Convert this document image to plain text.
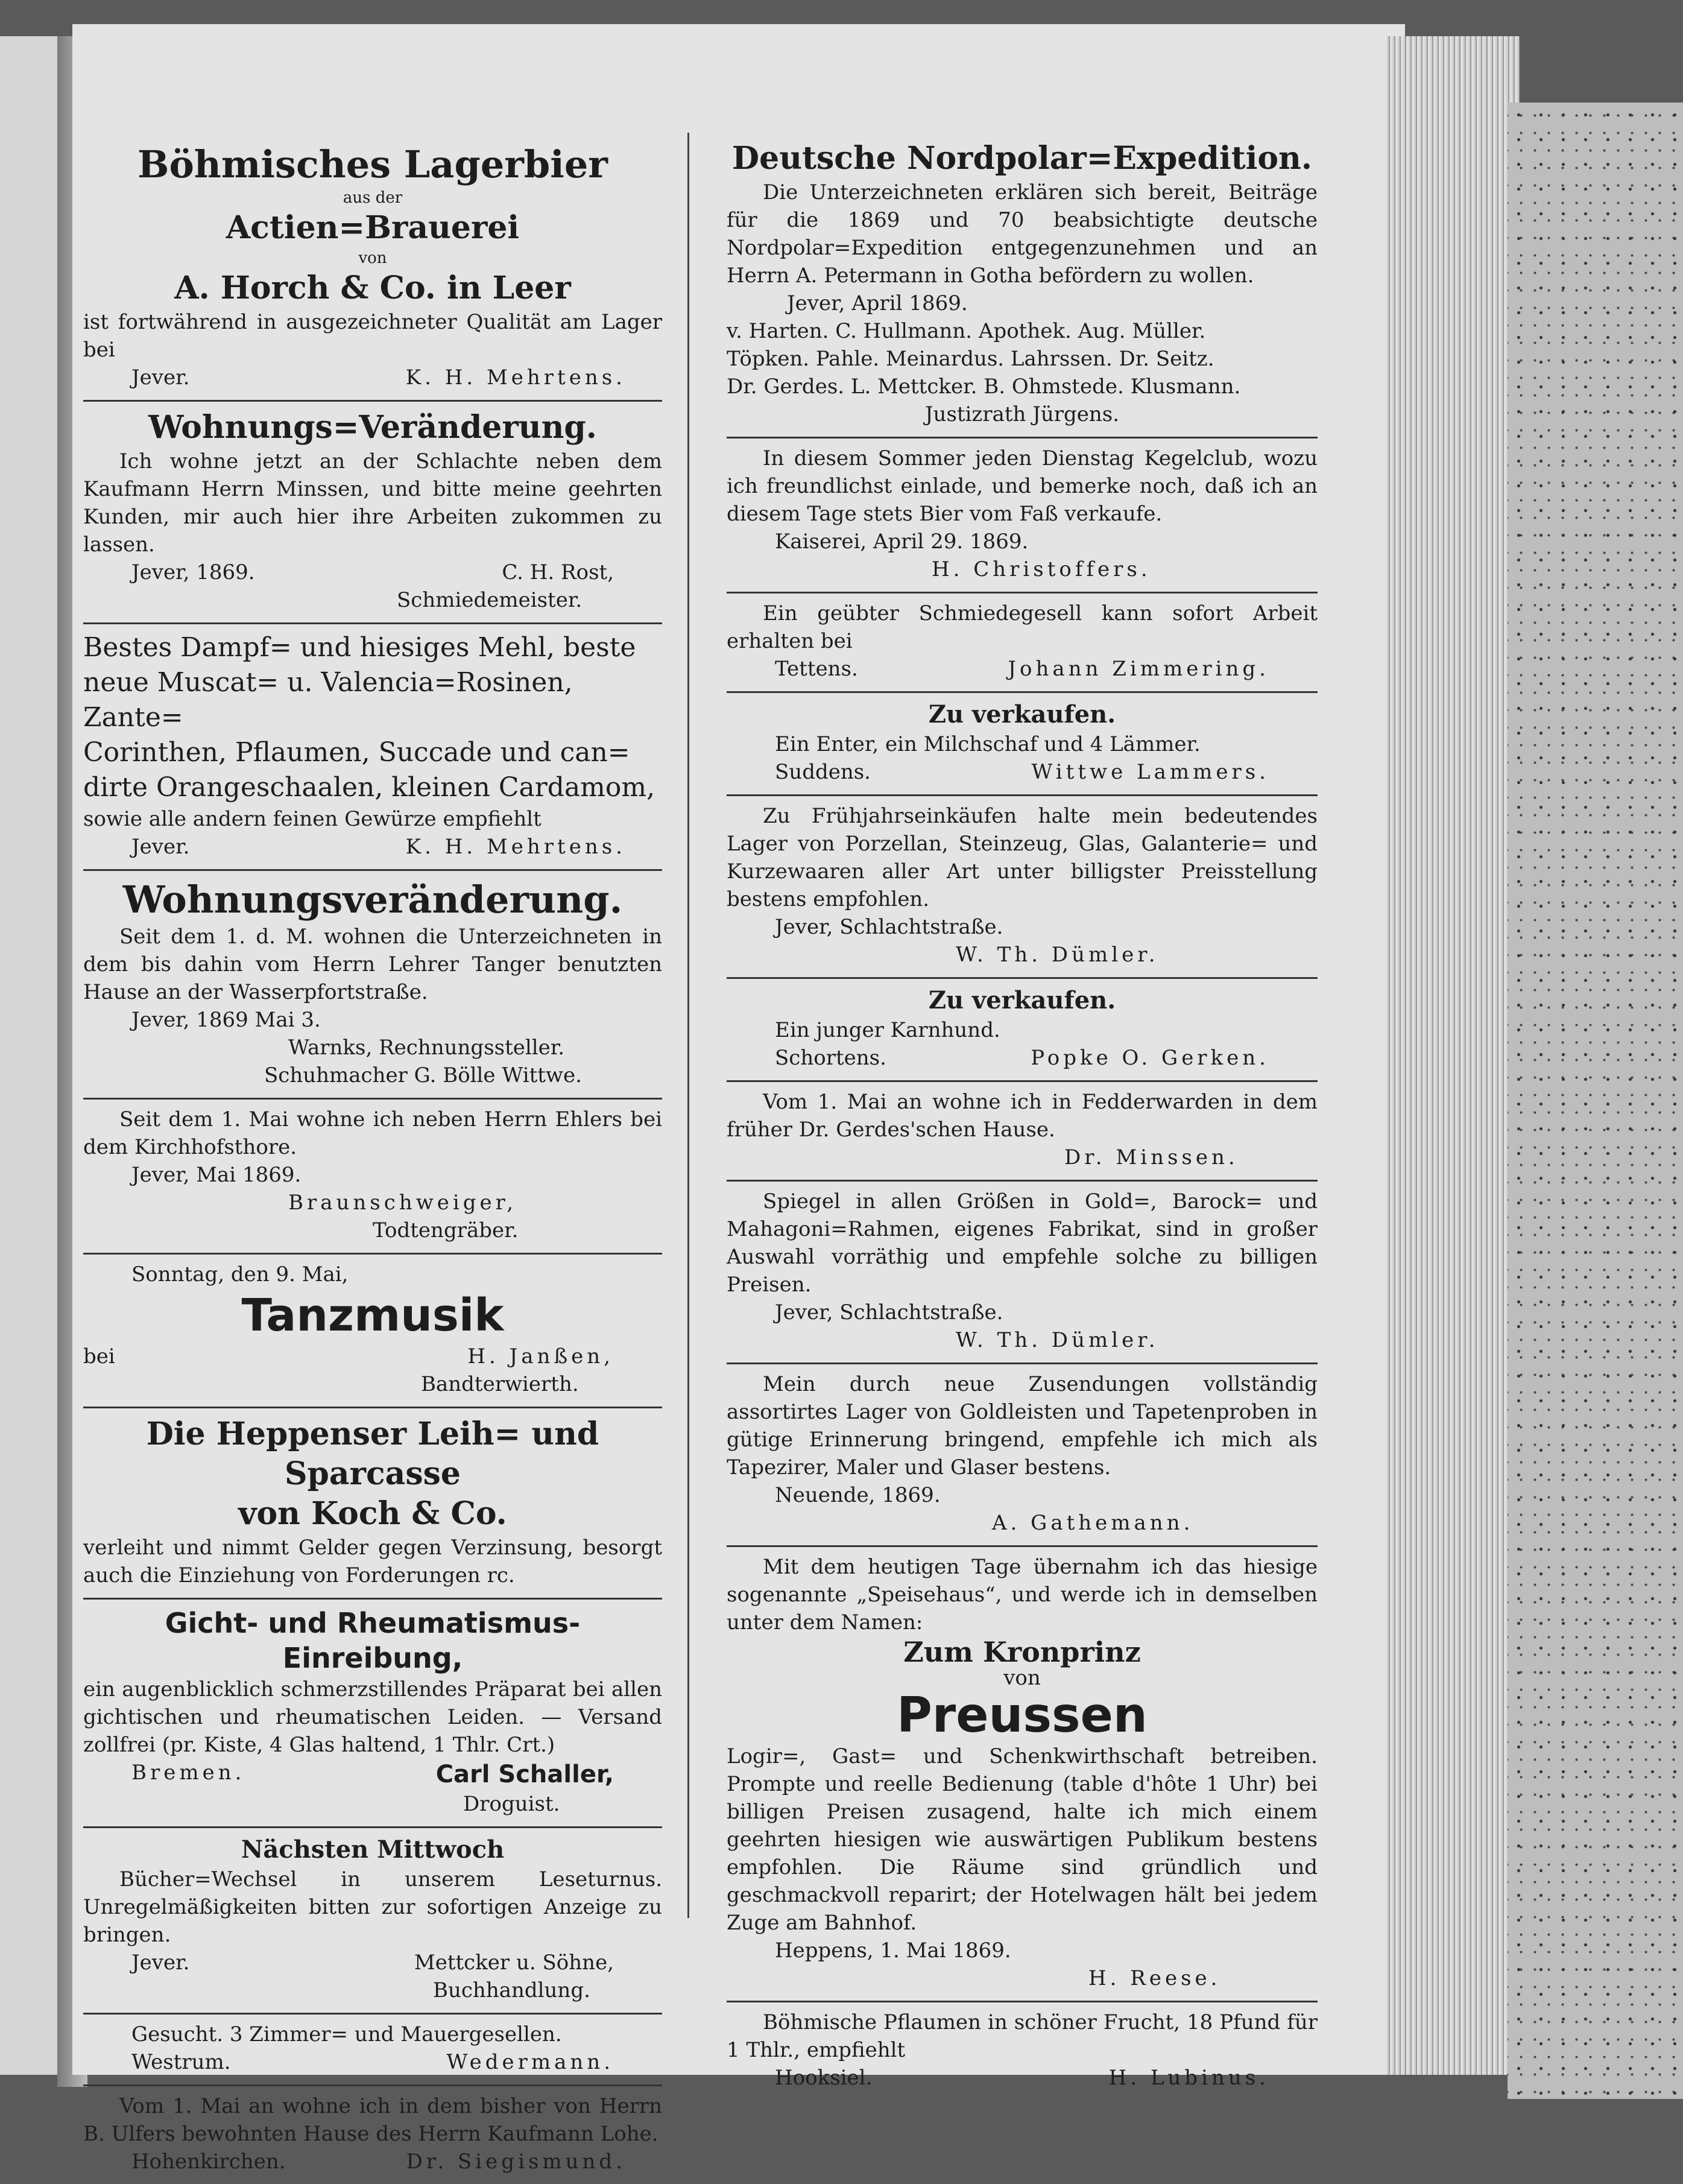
Böhmisches Lagerbier
aus der
Actien=Brauerei
von
A. Horch & Co. in Leer
ist fortwährend in ausgezeichneter Qualität am Lager bei
Jever.	K. H. Mehrtens.
Wohnungs=Veränderung.
Ich wohne jetzt an der Schlachte neben dem Kaufmann Herrn Minssen, und bitte meine geehrten Kunden, mir auch hier ihre Arbeiten zukommen zu lassen.
Jever, 1869.	C. H. Rost,
Schmiedemeister.
Bestes Dampf= und hiesiges Mehl, beste
neue Muscat= u. Valencia=Rosinen, Zante=
Corinthen, Pflaumen, Succade und can=
dirte Orangeschaalen, kleinen Cardamom,
sowie alle andern feinen Gewürze empfiehlt
Jever.	K. H. Mehrtens.
Wohnungsveränderung.
Seit dem 1. d. M. wohnen die Unterzeichneten in dem bis dahin vom Herrn Lehrer Tanger benutzten Hause an der Wasserpfortstraße.
Jever, 1869 Mai 3.
Warnks, Rechnungssteller.
Schuhmacher G. Bölle Wittwe.
Seit dem 1. Mai wohne ich neben Herrn Ehlers bei dem Kirchhofsthore.
Jever, Mai 1869.
Braunschweiger,
Todtengräber.
Sonntag, den 9. Mai,
Tanzmusik
bei	H. Janßen,
Bandterwierth.
Die Heppenser Leih= und Sparcasse
von Koch & Co.
verleiht und nimmt Gelder gegen Verzinsung, besorgt auch die Einziehung von Forderungen rc.
Gicht- und Rheumatismus-Einreibung,
ein augenblicklich schmerzstillendes Präparat bei allen gichtischen und rheumatischen Leiden. — Versand zollfrei (pr. Kiste, 4 Glas haltend, 1 Thlr. Crt.)
Bremen.	Carl Schaller,
Droguist.
Nächsten Mittwoch
Bücher=Wechsel in unserem Leseturnus. Unregelmäßigkeiten bitten zur sofortigen Anzeige zu bringen.
Jever.	Mettcker u. Söhne,
Buchhandlung.
Gesucht. 3 Zimmer= und Mauergesellen.
Westrum.	Wedermann.
Vom 1. Mai an wohne ich in dem bisher von Herrn B. Ulfers bewohnten Hause des Herrn Kaufmann Lohe.
Hohenkirchen.	Dr. Siegismund.
Deutsche Nordpolar=Expedition.
Die Unterzeichneten erklären sich bereit, Beiträge für die 1869 und 70 beabsichtigte deutsche Nordpolar=Expedition entgegenzunehmen und an Herrn A. Petermann in Gotha befördern zu wollen.
Jever, April 1869.
v. Harten. C. Hullmann. Apothek. Aug. Müller.
Töpken. Pahle. Meinardus. Lahrssen. Dr. Seitz.
Dr. Gerdes. L. Mettcker. B. Ohmstede. Klusmann.
Justizrath Jürgens.
In diesem Sommer jeden Dienstag Kegelclub, wozu ich freundlichst einlade, und bemerke noch, daß ich an diesem Tage stets Bier vom Faß verkaufe.
Kaiserei, April 29. 1869.
H. Christoffers.
Ein geübter Schmiedegesell kann sofort Arbeit erhalten bei
Tettens.	Johann Zimmering.
Zu verkaufen.
Ein Enter, ein Milchschaf und 4 Lämmer.
Suddens.	Wittwe Lammers.
Zu Frühjahrseinkäufen halte mein bedeutendes Lager von Porzellan, Steinzeug, Glas, Galanterie= und Kurzewaaren aller Art unter billigster Preisstellung bestens empfohlen.
Jever, Schlachtstraße.
W. Th. Dümler.
Zu verkaufen.
Ein junger Karnhund.
Schortens.	Popke O. Gerken.
Vom 1. Mai an wohne ich in Fedderwarden in dem früher Dr. Gerdes'schen Hause.
Dr. Minssen.
Spiegel in allen Größen in Gold=, Barock= und Mahagoni=Rahmen, eigenes Fabrikat, sind in großer Auswahl vorräthig und empfehle solche zu billigen Preisen.
Jever, Schlachtstraße.
W. Th. Dümler.
Mein durch neue Zusendungen vollständig assortirtes Lager von Goldleisten und Tapetenproben in gütige Erinnerung bringend, empfehle ich mich als Tapezirer, Maler und Glaser bestens.
Neuende, 1869.
A. Gathemann.
Mit dem heutigen Tage übernahm ich das hiesige sogenannte „Speisehaus“, und werde ich in demselben unter dem Namen:
Zum Kronprinz
von
Preussen
Logir=, Gast= und Schenkwirthschaft betreiben. Prompte und reelle Bedienung (table d'hôte 1 Uhr) bei billigen Preisen zusagend, halte ich mich einem geehrten hiesigen wie auswärtigen Publikum bestens empfohlen. Die Räume sind gründlich und geschmackvoll reparirt; der Hotelwagen hält bei jedem Zuge am Bahnhof.
Heppens, 1. Mai 1869.
H. Reese.
Böhmische Pflaumen in schöner Frucht, 18 Pfund für 1 Thlr., empfiehlt
Hooksiel.	H. Lubinus.
